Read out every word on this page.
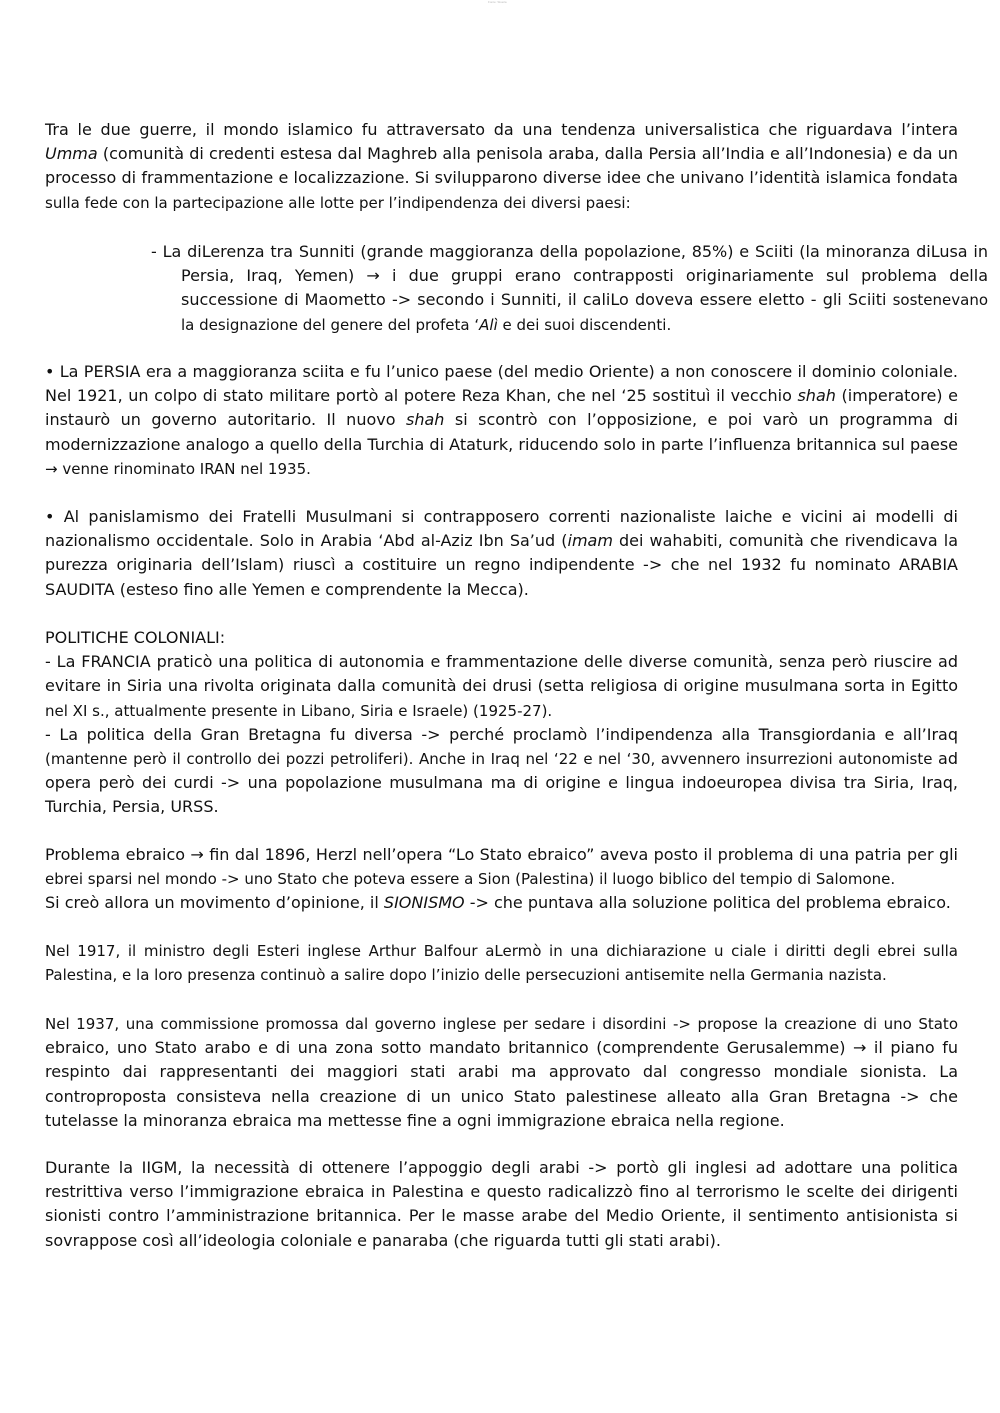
Fonte: Skuola

Tra le due guerre, il mondo islamico fu attraversato da una tendenza universalistica che riguardava l’intera Umma (comunità di credenti estesa dal Maghreb alla penisola araba, dalla Persia all’India e all’Indonesia) e da un processo di frammentazione e localizzazione. Si svilupparono diverse idee che univano l’identità islamica fondata sulla fede con la partecipazione alle lotte per l’indipendenza dei diversi paesi:

- La diLerenza tra Sunniti (grande maggioranza della popolazione, 85%) e Sciiti (la minoranza diLusa in Persia, Iraq, Yemen) → i due gruppi erano contrapposti originariamente sul problema della successione di Maometto -> secondo i Sunniti, il caliLo doveva essere eletto - gli Sciiti sostenevano la designazione del genere del profeta ‘Alì e dei suoi discendenti.

• La PERSIA era a maggioranza sciita e fu l’unico paese (del medio Oriente) a non conoscere il dominio coloniale. Nel 1921, un colpo di stato militare portò al potere Reza Khan, che nel ‘25 sostituì il vecchio shah (imperatore) e instaurò un governo autoritario. Il nuovo shah si scontrò con l’opposizione, e poi varò un programma di modernizzazione analogo a quello della Turchia di Ataturk, riducendo solo in parte l’influenza britannica sul paese → venne rinominato IRAN nel 1935.

• Al panislamismo dei Fratelli Musulmani si contrapposero correnti nazionaliste laiche e vicini ai modelli di nazionalismo occidentale. Solo in Arabia ‘Abd al-Aziz Ibn Sa’ud (imam dei wahabiti, comunità che rivendicava la purezza originaria dell’Islam) riuscì a costituire un regno indipendente -> che nel 1932 fu nominato ARABIA SAUDITA (esteso fino alle Yemen e comprendente la Mecca).

POLITICHE COLONIALI:
- La FRANCIA praticò una politica di autonomia e frammentazione delle diverse comunità, senza però riuscire ad evitare in Siria una rivolta originata dalla comunità dei drusi (setta religiosa di origine musulmana sorta in Egitto nel XI s., attualmente presente in Libano, Siria e Israele) (1925-27).
- La politica della Gran Bretagna fu diversa -> perché proclamò l’indipendenza alla Transgiordania e all’Iraq (mantenne però il controllo dei pozzi petroliferi). Anche in Iraq nel ‘22 e nel ‘30, avvennero insurrezioni autonomiste ad opera però dei curdi -> una popolazione musulmana ma di origine e lingua indoeuropea divisa tra Siria, Iraq, Turchia, Persia, URSS.

Problema ebraico → fin dal 1896, Herzl nell’opera “Lo Stato ebraico” aveva posto il problema di una patria per gli ebrei sparsi nel mondo -> uno Stato che poteva essere a Sion (Palestina) il luogo biblico del tempio di Salomone.
Si creò allora un movimento d’opinione, il SIONISMO -> che puntava alla soluzione politica del problema ebraico.

Nel 1917, il ministro degli Esteri inglese Arthur Balfour aLermò in una dichiarazione u ciale i diritti degli ebrei sulla Palestina, e la loro presenza continuò a salire dopo l’inizio delle persecuzioni antisemite nella Germania nazista.

Nel 1937, una commissione promossa dal governo inglese per sedare i disordini -> propose la creazione di uno Stato ebraico, uno Stato arabo e di una zona sotto mandato britannico (comprendente Gerusalemme) → il piano fu respinto dai rappresentanti dei maggiori stati arabi ma approvato dal congresso mondiale sionista. La controproposta consisteva nella creazione di un unico Stato palestinese alleato alla Gran Bretagna -> che tutelasse la minoranza ebraica ma mettesse fine a ogni immigrazione ebraica nella regione.

Durante la IIGM, la necessità di ottenere l’appoggio degli arabi -> portò gli inglesi ad adottare una politica restrittiva verso l’immigrazione ebraica in Palestina e questo radicalizzò fino al terrorismo le scelte dei dirigenti sionisti contro l’amministrazione britannica. Per le masse arabe del Medio Oriente, il sentimento antisionista si sovrappose così all’ideologia coloniale e panaraba (che riguarda tutti gli stati arabi).
